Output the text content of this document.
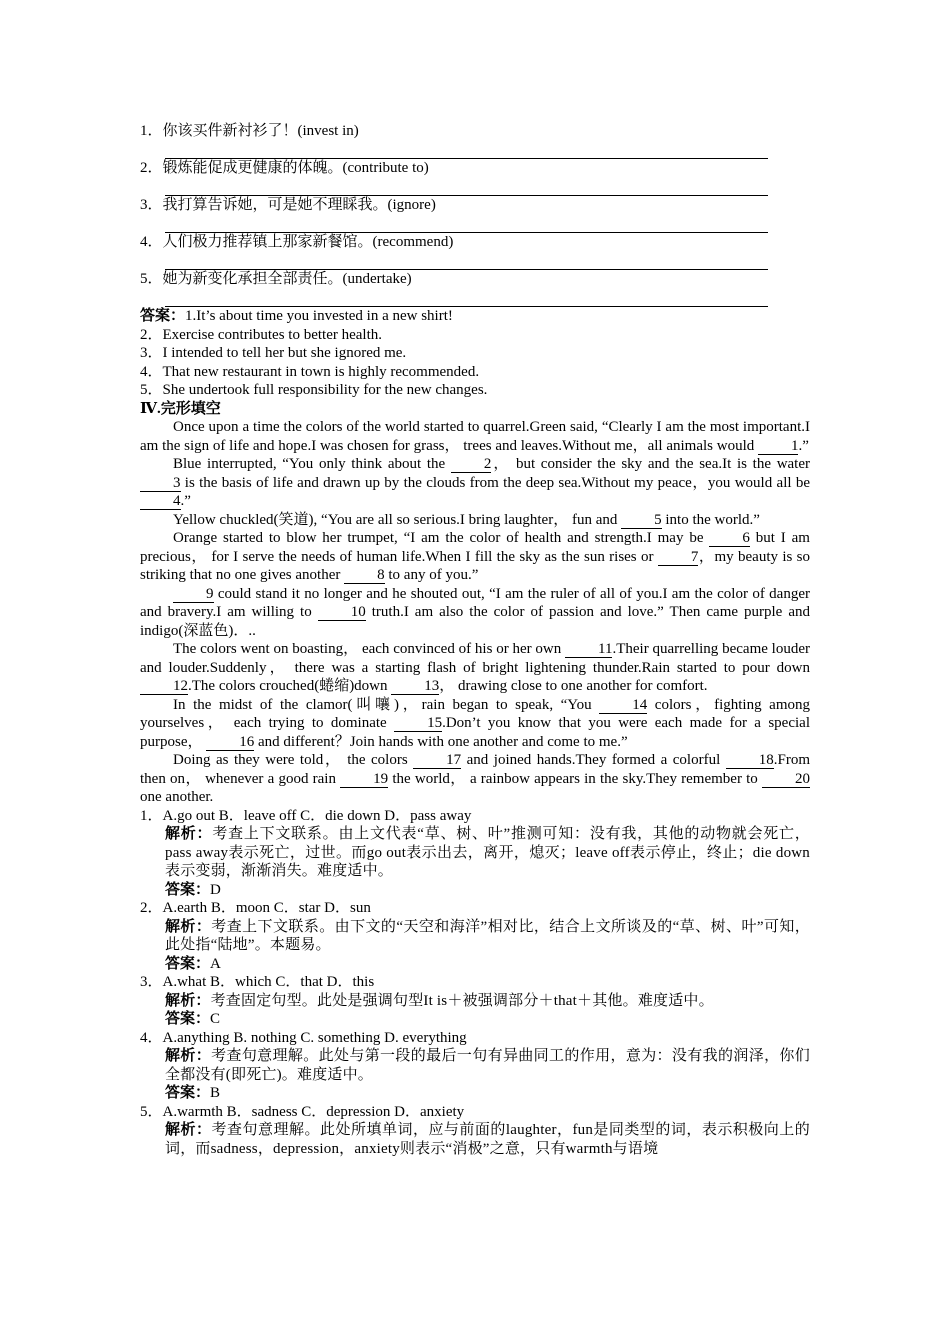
1．你该买件新衬衫了！(invest in)
2．锻炼能促成更健康的体魄。(contribute to)
3．我打算告诉她，可是她不理睬我。(ignore)
4．人们极力推荐镇上那家新餐馆。(recommend)
5．她为新变化承担全部责任。(undertake)
答案：1.It’s about time you invested in a new shirt!
2．Exercise contributes to better health.
3．I intended to tell her but she ignored me.
4．That new restaurant in town is highly recommended.
5．She undertook full responsibility for the new changes.
Ⅳ.完形填空

Once upon a time the colors of the world started to quarrel.Green said, “Clearly I am the most important.I am the sign of life and hope.I was chosen for grass， trees and leaves.Without me，all animals would 1.”

Blue interrupted, “You only think about the 2， but consider the sky and the sea.It is the water 3 is the basis of life and drawn up by the clouds from the deep sea.Without my peace，you would all be 4.”

Yellow chuckled(笑道), “You are all so serious.I bring laughter， fun and 5 into the world.”

Orange started to blow her trumpet, “I am the color of health and strength.I may be 6 but I am precious， for I serve the needs of human life.When I fill the sky as the sun rises or 7，my beauty is so striking that no one gives another 8 to any of you.”

9 could stand it no longer and he shouted out, “I am the ruler of all of you.I am the color of danger and bravery.I am willing to 10 truth.I am also the color of passion and love.” Then came purple and indigo(深蓝色)．..

The colors went on boasting， each convinced of his or her own 11.Their quarrelling became louder and louder.Suddenly， there was a starting flash of bright lightening thunder.Rain started to pour down 12.The colors crouched(蜷缩)down 13， drawing close to one another for comfort.

In the midst of the clamor(叫嚷)，rain began to speak, “You 14 colors，fighting among yourselves， each trying to dominate 15.Don’t you know that you were each made for a special purpose， 16 and different？Join hands with one another and come to me.”

Doing as they were told， the colors 17 and joined hands.They formed a colorful 18.From then on， whenever a good rain 19 the world， a rainbow appears in the sky.They remember to 20 one another.

1．A.go out B．leave off C．die down D．pass away
解析：考查上下文联系。由上文代表“草、树、叶”推测可知：没有我，其他的动物就会死亡，pass away表示死亡，过世。而go out表示出去，离开，熄灭；leave off表示停止，终止；die down表示变弱，渐渐消失。难度适中。
答案：D
2．A.earth B．moon C．star D．sun
解析：考查上下文联系。由下文的“天空和海洋”相对比，结合上文所谈及的“草、树、叶”可知，此处指“陆地”。本题易。
答案：A
3．A.what B．which C．that D．this
解析：考查固定句型。此处是强调句型It is＋被强调部分＋that＋其他。难度适中。
答案：C
4．A.anything B. nothing C. something D. everything
解析：考查句意理解。此处与第一段的最后一句有异曲同工的作用，意为：没有我的润泽，你们全都没有(即死亡)。难度适中。
答案：B
5．A.warmth B．sadness C．depression D．anxiety
解析：考查句意理解。此处所填单词，应与前面的laughter，fun是同类型的词，表示积极向上的词，而sadness，depression，anxiety则表示“消极”之意，只有warmth与语境
